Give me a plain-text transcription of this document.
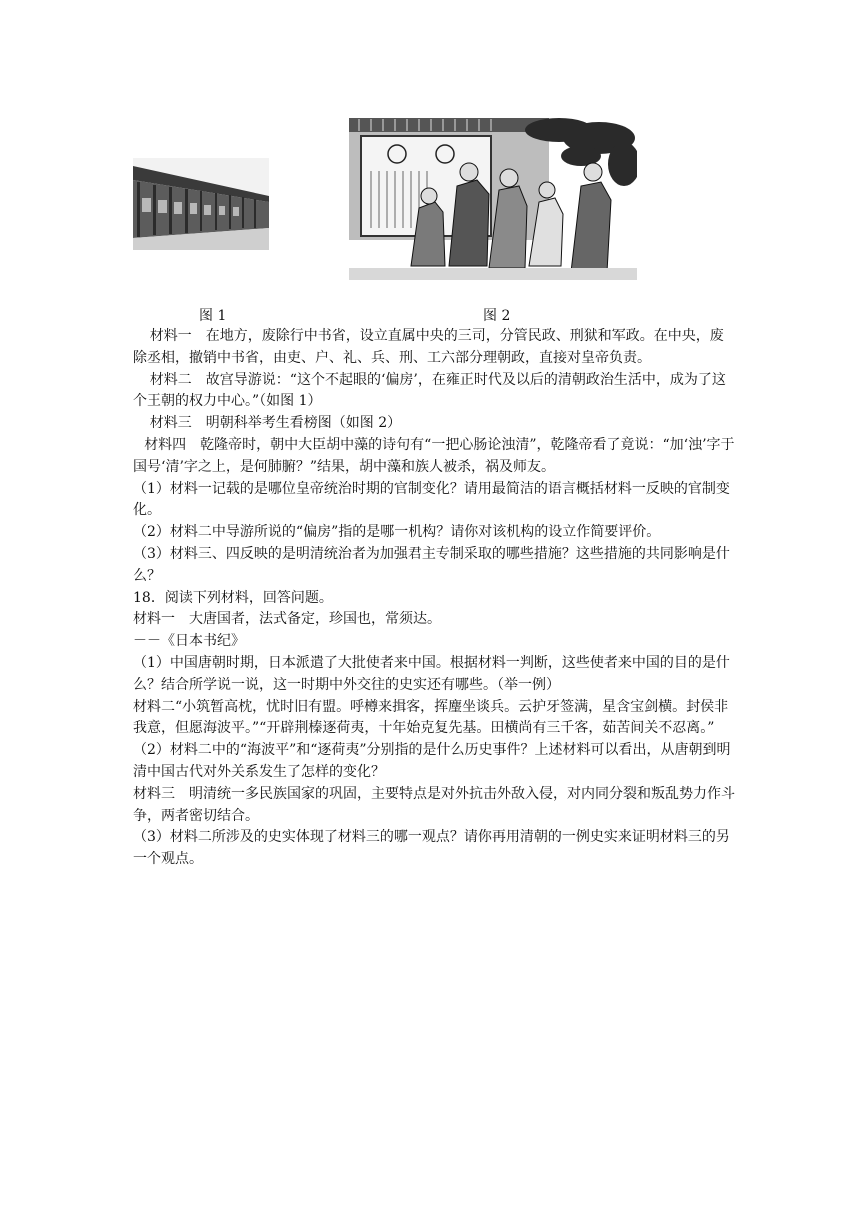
图 1	图 2

材料一　在地方，废除行中书省，设立直属中央的三司，分管民政、刑狱和军政。在中央，废除丞相，撤销中书省，由吏、户、礼、兵、刑、工六部分理朝政，直接对皇帝负责。

材料二　故宫导游说：“这个不起眼的‘偏房’，在雍正时代及以后的清朝政治生活中，成为了这个王朝的权力中心。”（如图 1）

材料三　明朝科举考生看榜图（如图 2）

材料四　乾隆帝时，朝中大臣胡中藻的诗句有“一把心肠论浊清”，乾隆帝看了竟说：“加‘浊’字于国号‘清’字之上，是何肺腑？”结果，胡中藻和族人被杀，祸及师友。

（1）材料一记载的是哪位皇帝统治时期的官制变化？请用最简洁的语言概括材料一反映的官制变化。

（2）材料二中导游所说的“偏房”指的是哪一机构？请你对该机构的设立作简要评价。

（3）材料三、四反映的是明清统治者为加强君主专制采取的哪些措施？这些措施的共同影响是什么？

18．阅读下列材料，回答问题。

材料一　大唐国者，法式备定，珍国也，常须达。

－－《日本书纪》

（1）中国唐朝时期，日本派遣了大批使者来中国。根据材料一判断，这些使者来中国的目的是什么？结合所学说一说，这一时期中外交往的史实还有哪些。（举一例）

材料二“小筑暂高枕，忧时旧有盟。呼樽来揖客，挥麈坐谈兵。云护牙签满，星含宝剑横。封侯非我意，但愿海波平。”“开辟荆榛逐荷夷，十年始克复先基。田横尚有三千客，茹苦间关不忍离。”

（2）材料二中的“海波平”和“逐荷夷”分别指的是什么历史事件？上述材料可以看出，从唐朝到明清中国古代对外关系发生了怎样的变化？

材料三　明清统一多民族国家的巩固，主要特点是对外抗击外敌入侵，对内同分裂和叛乱势力作斗争，两者密切结合。

（3）材料二所涉及的史实体现了材料三的哪一观点？请你再用清朝的一例史实来证明材料三的另一个观点。
